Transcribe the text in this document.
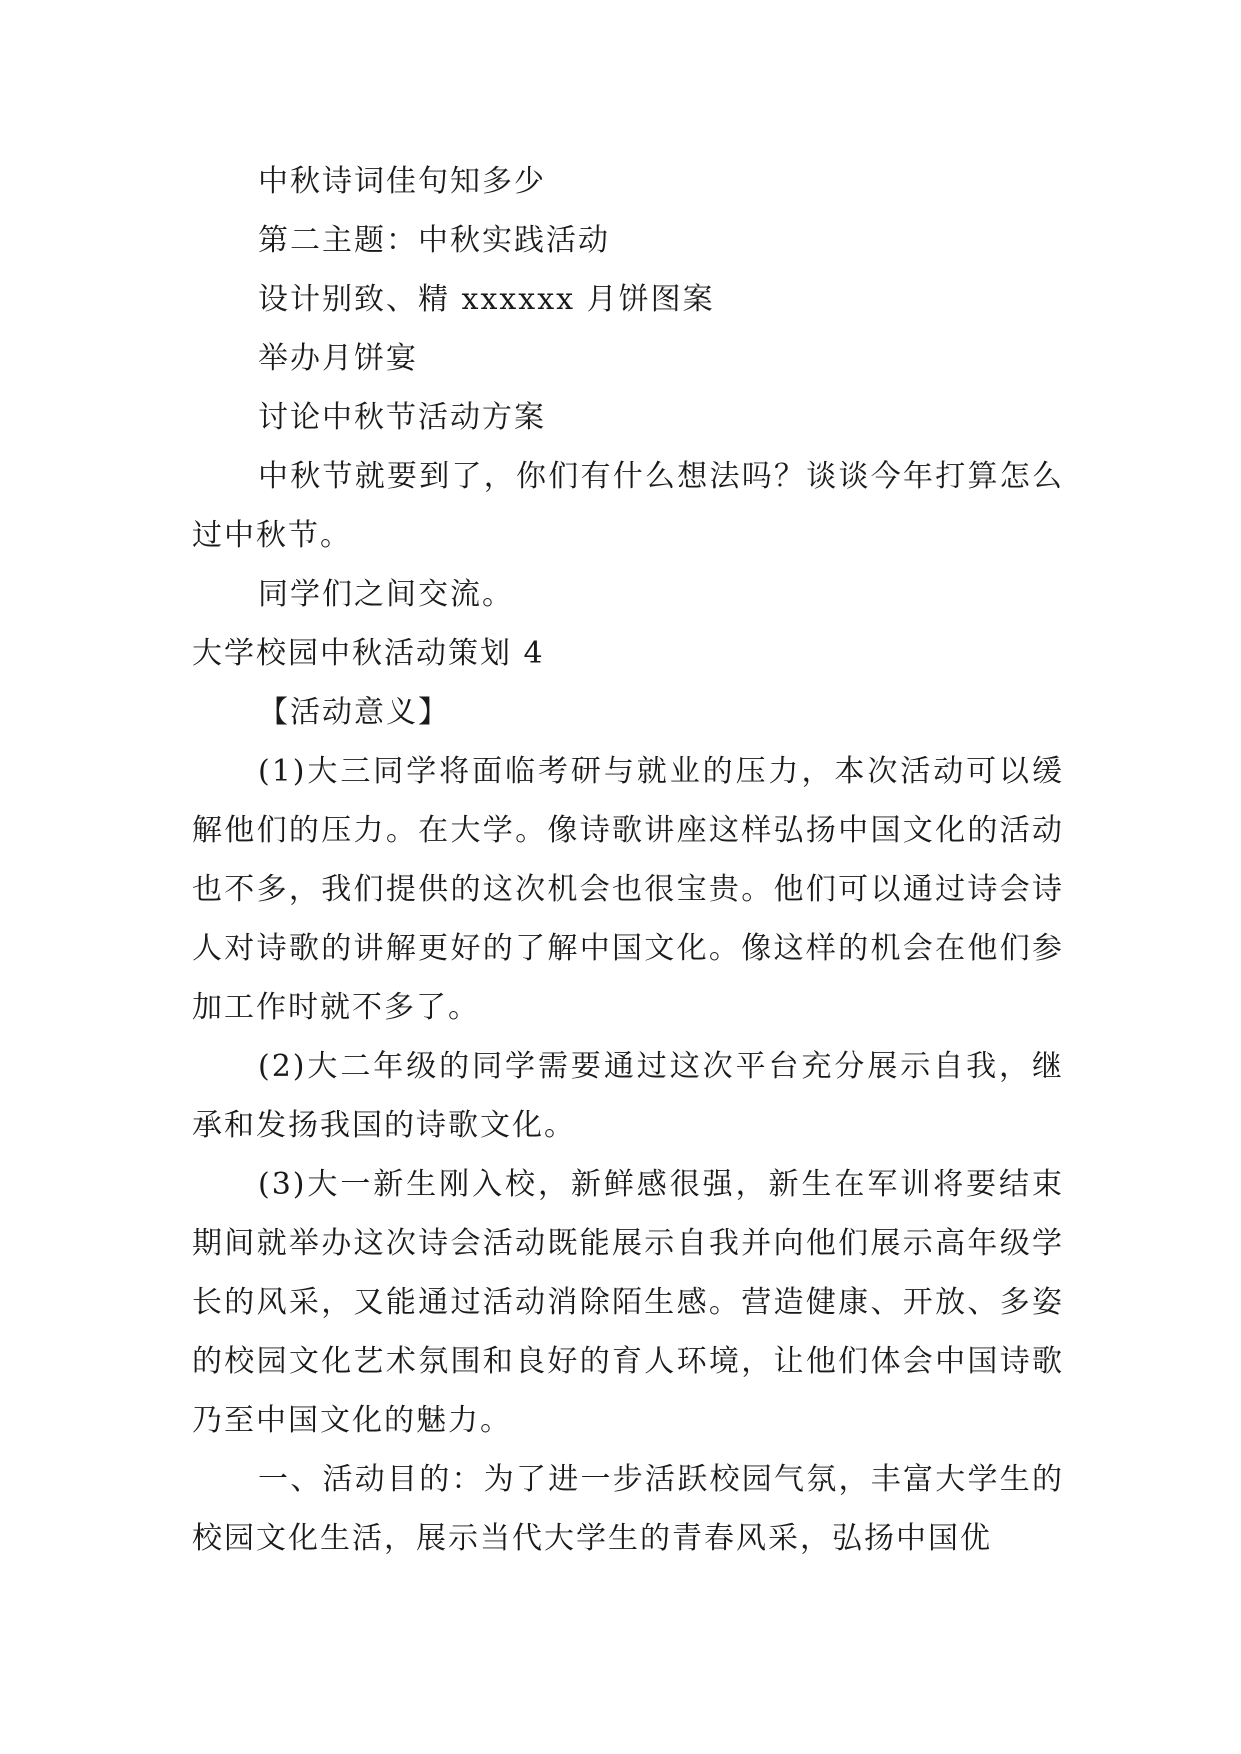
中秋诗词佳句知多少

第二主题：中秋实践活动

设计别致、精 xxxxxx 月饼图案

举办月饼宴

讨论中秋节活动方案

中秋节就要到了，你们有什么想法吗？谈谈今年打算怎么过中秋节。

同学们之间交流。

大学校园中秋活动策划 4

【活动意义】

(1)大三同学将面临考研与就业的压力，本次活动可以缓解他们的压力。在大学。像诗歌讲座这样弘扬中国文化的活动也不多，我们提供的这次机会也很宝贵。他们可以通过诗会诗人对诗歌的讲解更好的了解中国文化。像这样的机会在他们参加工作时就不多了。

(2)大二年级的同学需要通过这次平台充分展示自我，继承和发扬我国的诗歌文化。

(3)大一新生刚入校，新鲜感很强，新生在军训将要结束期间就举办这次诗会活动既能展示自我并向他们展示高年级学长的风采，又能通过活动消除陌生感。营造健康、开放、多姿的校园文化艺术氛围和良好的育人环境，让他们体会中国诗歌乃至中国文化的魅力。

一、活动目的：为了进一步活跃校园气氛，丰富大学生的校园文化生活，展示当代大学生的青春风采，弘扬中国优
